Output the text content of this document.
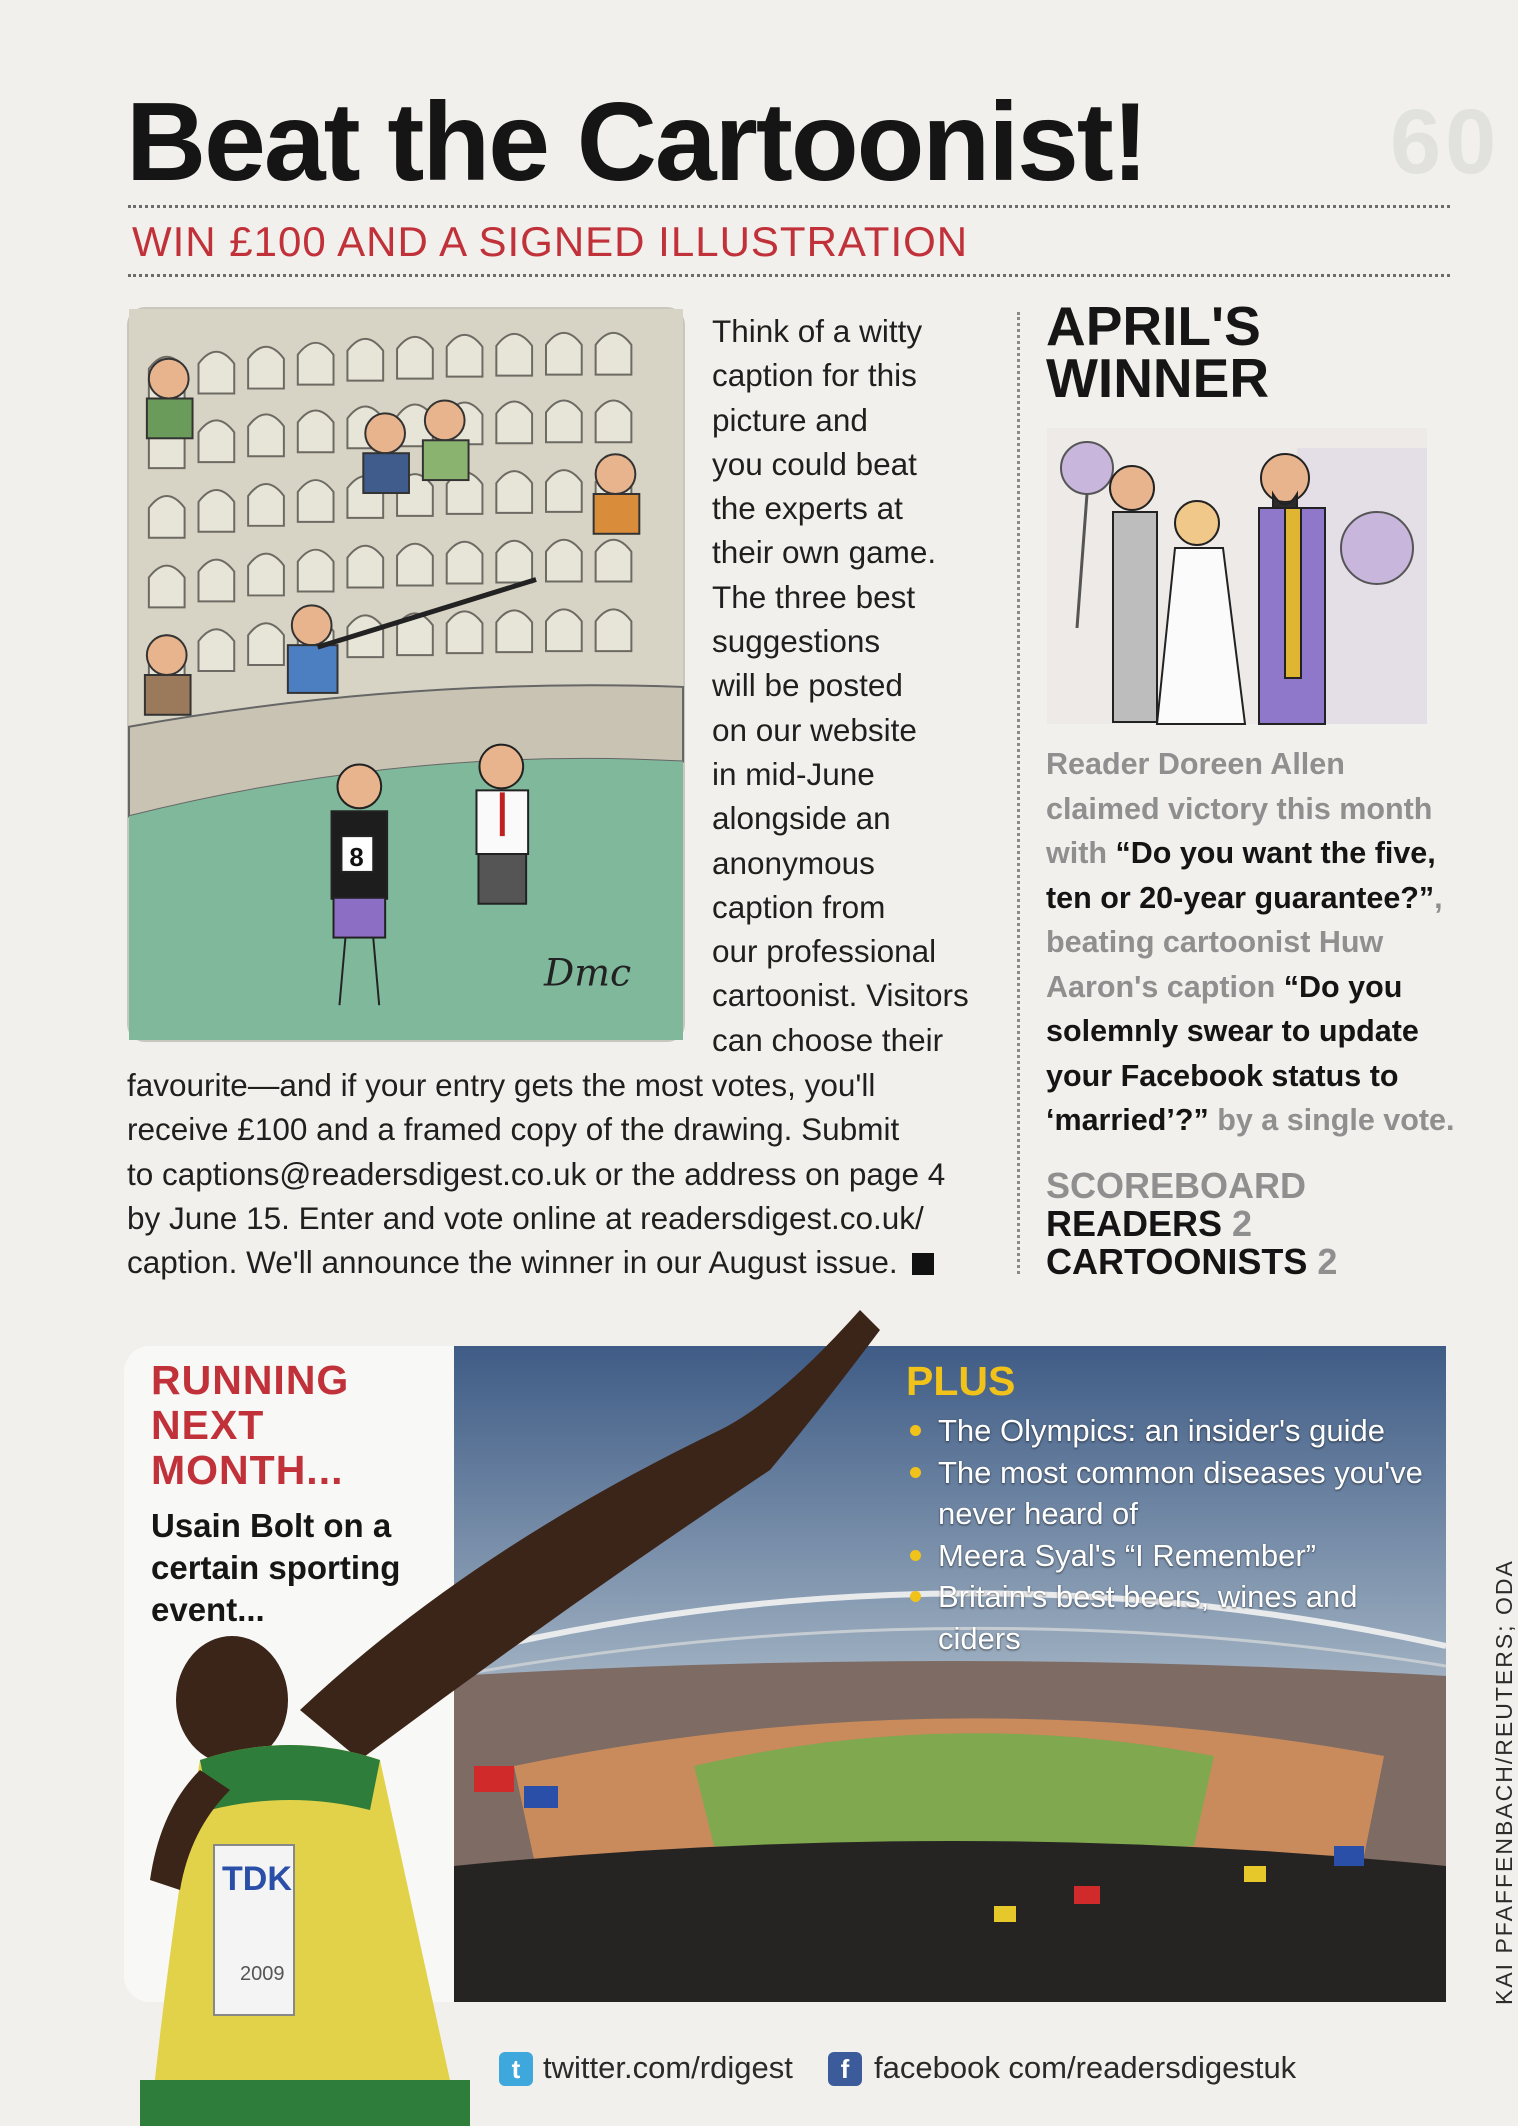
60
Beat the Cartoonist!
WIN £100 AND A SIGNED ILLUSTRATION
8
Dmc
Think of a witty
caption for this
picture and
you could beat
the experts at
their own game.
The three best
suggestions
will be posted
on our website
in mid-June
alongside an
anonymous
caption from
our professional
cartoonist. Visitors
can choose their
favourite—and if your entry gets the most votes, you'll
receive £100 and a framed copy of the drawing. Submit
to captions@readersdigest.co.uk or the address on page 4
by June 15. Enter and vote online at readersdigest.co.uk/
caption. We'll announce the winner in our August issue.
APRIL'S
WINNER
Reader Doreen Allen
claimed victory this month
with “Do you want the five,
ten or 20-year guarantee?”,
beating cartoonist Huw
Aaron's caption “Do you
solemnly swear to update
your Facebook status to
‘married’?” by a single vote.
SCOREBOARD
READERS 2
CARTOONISTS 2
RUNNING
NEXT
MONTH...
Usain Bolt on a certain sporting event...
TDK
2009
PLUS
The Olympics: an insider's guide
The most common diseases you've never heard of
Meera Syal's “I Remember”
Britain's best beers, wines and ciders	KAI PFAFFENBACH/REUTERS; ODA
t twitter.com/rdigest	f facebook com/readersdigestuk
